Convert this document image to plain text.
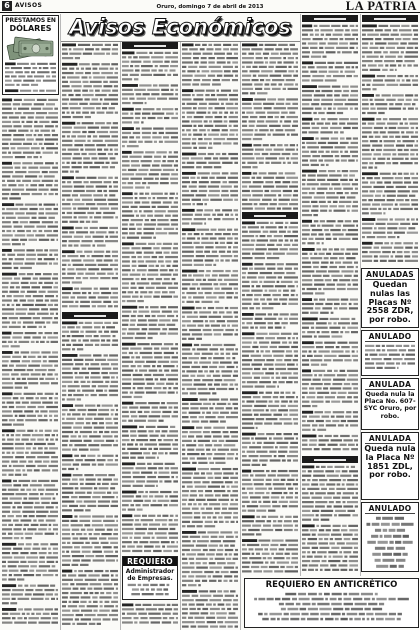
6 AVISOS	Oruro, domingo 7 de abril de 2013	LA PATRIA
Avisos Económicos
PRESTAMOS EN
DÓLARES
REQUIERO
Administrador de Empresas.
ANULADAS
Quedan nulas las Placas Nº 2558 ZDR, por robo.
ANULADO
ANULADA
Queda nula la Placa No. 607-SYC Oruro, por robo.
ANULADA
Queda nula la Placa Nº 1851 ZDL, por robo.
ANULADO
REQUIERO EN ANTICRÉTICO
